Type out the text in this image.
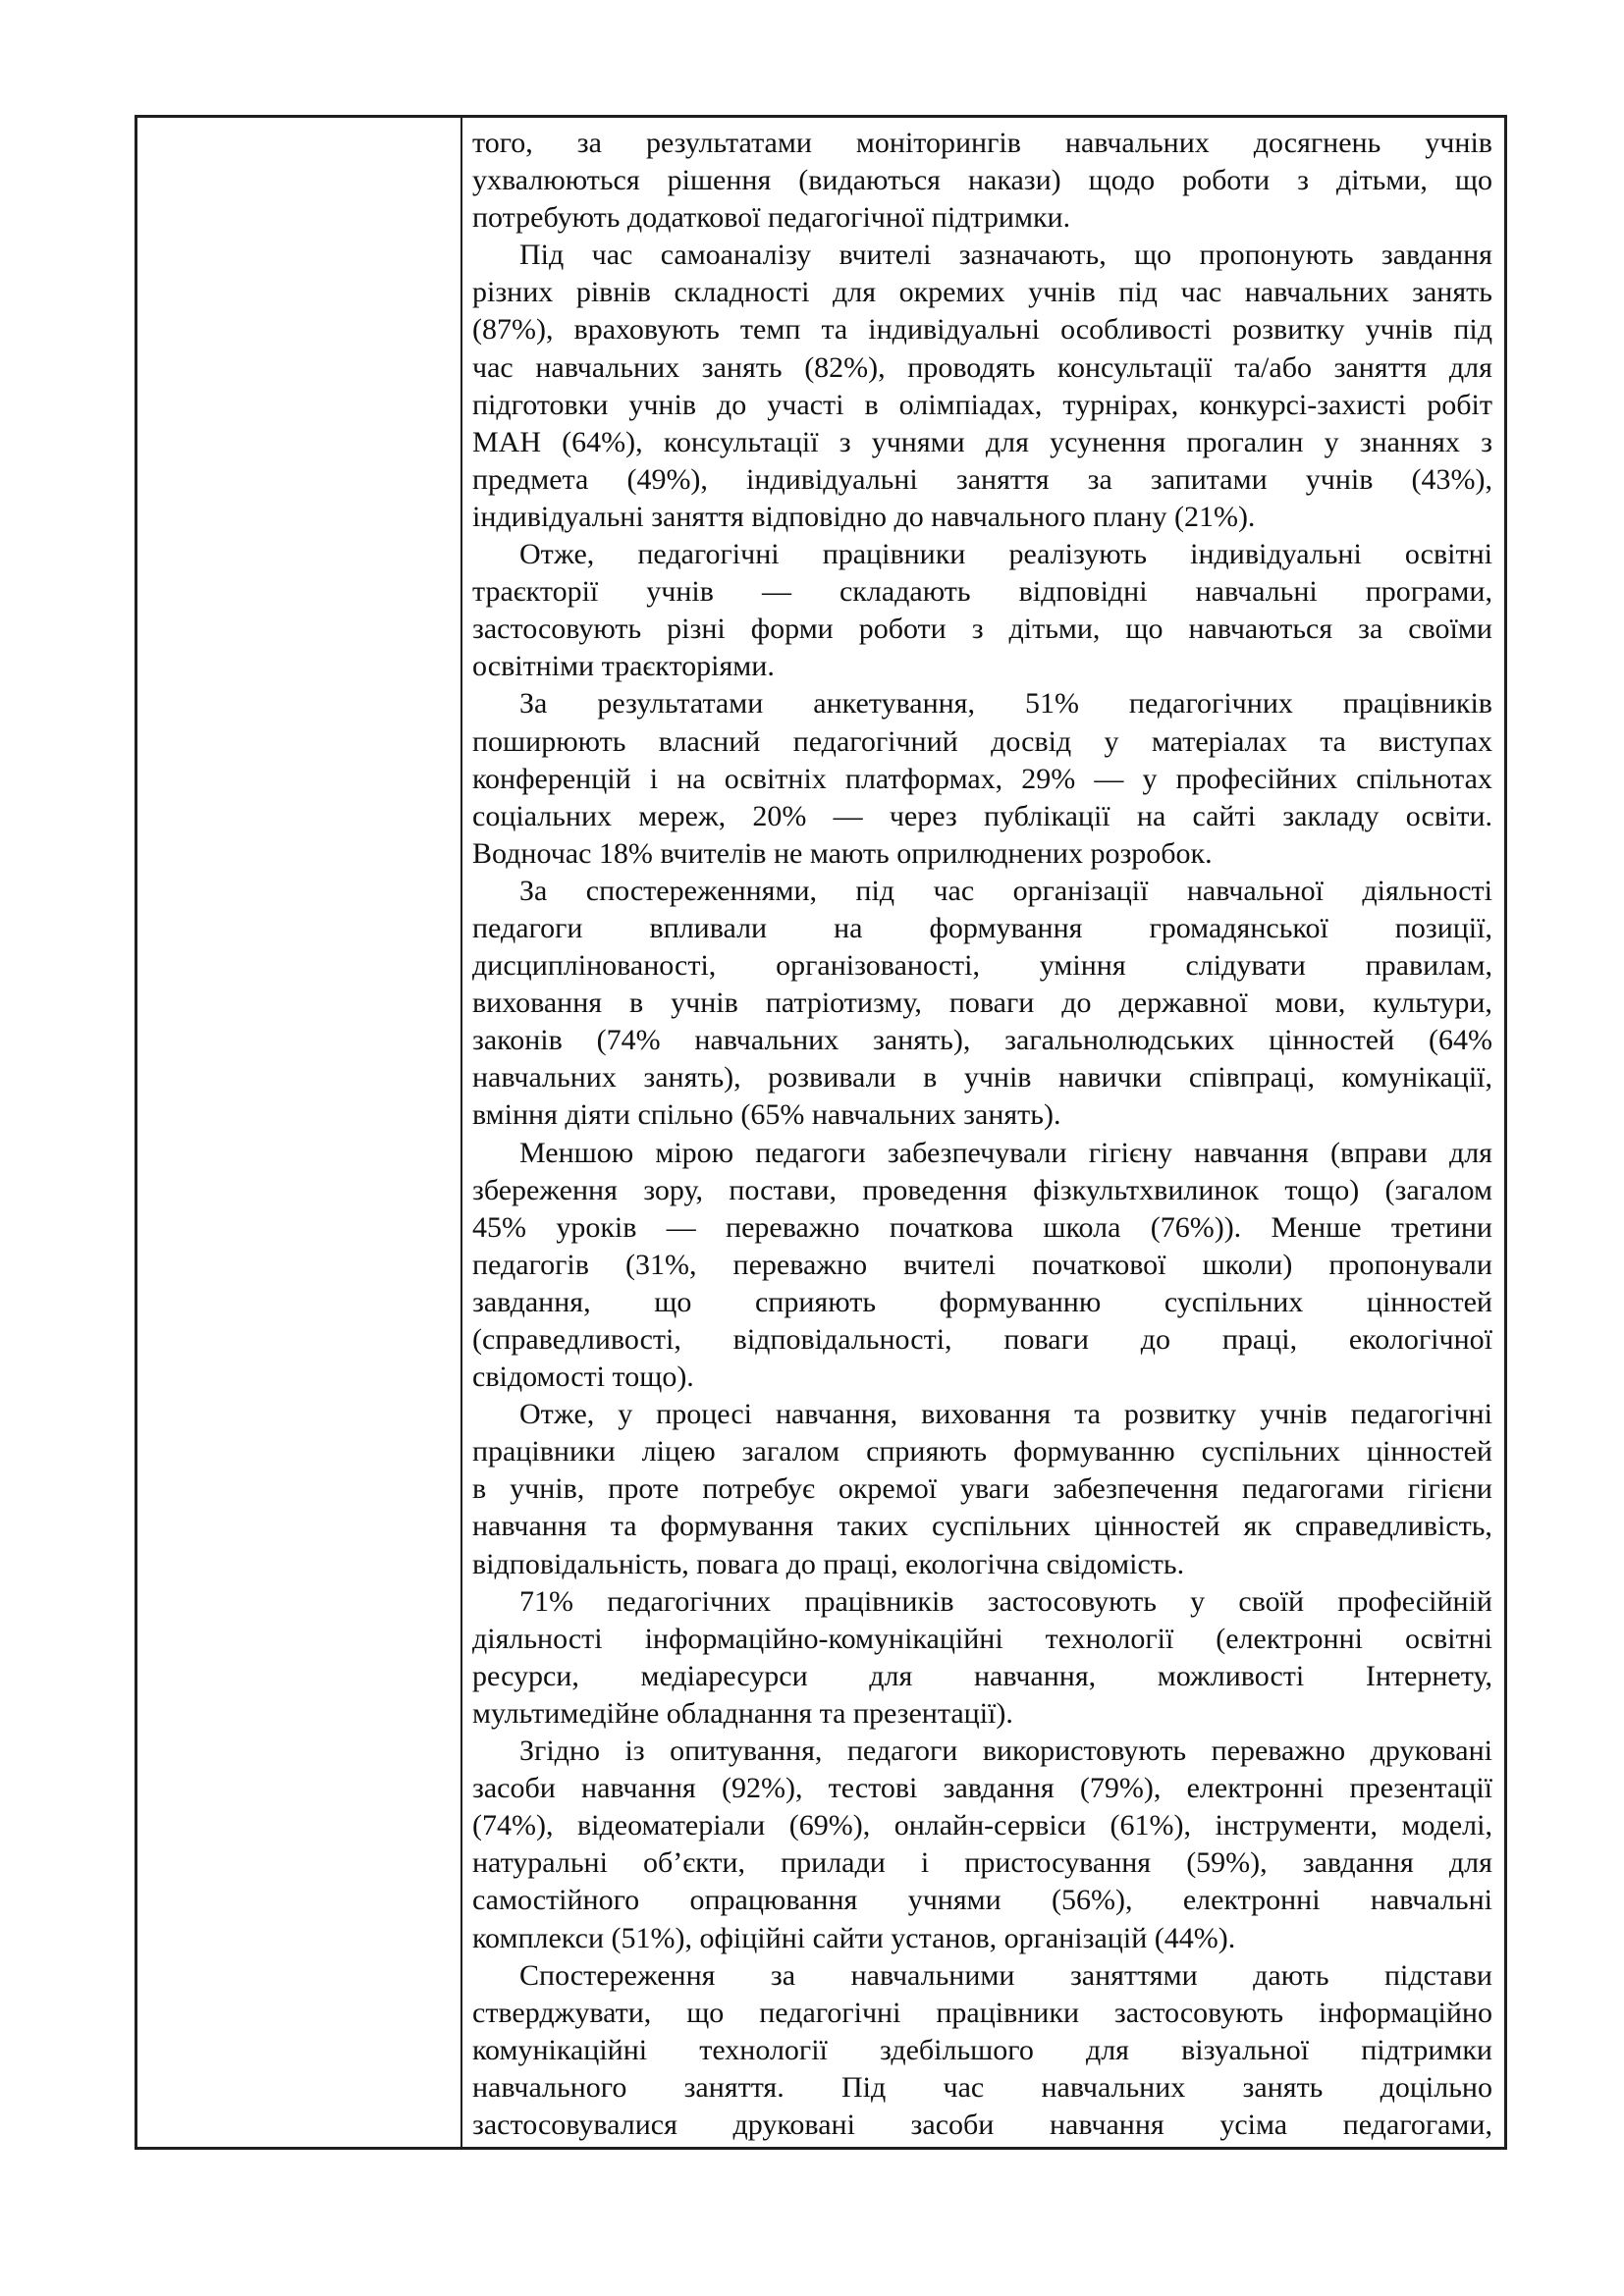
того, за результатами моніторингів навчальних досягнень учнів
ухвалюються рішення (видаються накази) щодо роботи з дітьми, що
потребують додаткової педагогічної підтримки.
Під час самоаналізу вчителі зазначають, що пропонують завдання
різних рівнів складності для окремих учнів під час навчальних занять
(87%), враховують темп та індивідуальні особливості розвитку учнів під
час навчальних занять (82%), проводять консультації та/або заняття для
підготовки учнів до участі в олімпіадах, турнірах, конкурсі-захисті робіт
МАН (64%), консультації з учнями для усунення прогалин у знаннях з
предмета (49%), індивідуальні заняття за запитами учнів (43%),
індивідуальні заняття відповідно до навчального плану (21%).
Отже, педагогічні працівники реалізують індивідуальні освітні
траєкторії учнів — складають відповідні навчальні програми,
застосовують різні форми роботи з дітьми, що навчаються за своїми
освітніми траєкторіями.
За результатами анкетування, 51% педагогічних працівників
поширюють власний педагогічний досвід у матеріалах та виступах
конференцій і на освітніх платформах, 29% — у професійних спільнотах
соціальних мереж, 20% — через публікації на сайті закладу освіти.
Водночас 18% вчителів не мають оприлюднених розробок.
За спостереженнями, під час організації навчальної діяльності
педагоги впливали на формування громадянської позиції,
дисциплінованості, організованості, уміння слідувати правилам,
виховання в учнів патріотизму, поваги до державної мови, культури,
законів (74% навчальних занять), загальнолюдських цінностей (64%
навчальних занять), розвивали в учнів навички співпраці, комунікації,
вміння діяти спільно (65% навчальних занять).
Меншою мірою педагоги забезпечували гігієну навчання (вправи для
збереження зору, постави, проведення фізкультхвилинок тощо) (загалом
45% уроків — переважно початкова школа (76%)). Менше третини
педагогів (31%, переважно вчителі початкової школи) пропонували
завдання, що сприяють формуванню суспільних цінностей
(справедливості, відповідальності, поваги до праці, екологічної
свідомості тощо).
Отже, у процесі навчання, виховання та розвитку учнів педагогічні
працівники ліцею загалом сприяють формуванню суспільних цінностей
в учнів, проте потребує окремої уваги забезпечення педагогами гігієни
навчання та формування таких суспільних цінностей як справедливість,
відповідальність, повага до праці, екологічна свідомість.
71% педагогічних працівників застосовують у своїй професійній
діяльності інформаційно-комунікаційні технології (електронні освітні
ресурси, медіаресурси для навчання, можливості Інтернету,
мультимедійне обладнання та презентації).
Згідно із опитування, педагоги використовують переважно друковані
засоби навчання (92%), тестові завдання (79%), електронні презентації
(74%), відеоматеріали (69%), онлайн-сервіси (61%), інструменти, моделі,
натуральні об’єкти, прилади і пристосування (59%), завдання для
самостійного опрацювання учнями (56%), електронні навчальні
комплекси (51%), офіційні сайти установ, організацій (44%).
Спостереження за навчальними заняттями дають підстави
стверджувати, що педагогічні працівники застосовують інформаційно
комунікаційні технології здебільшого для візуальної підтримки
навчального заняття. Під час навчальних занять доцільно
застосовувалися друковані засоби навчання усіма педагогами,
